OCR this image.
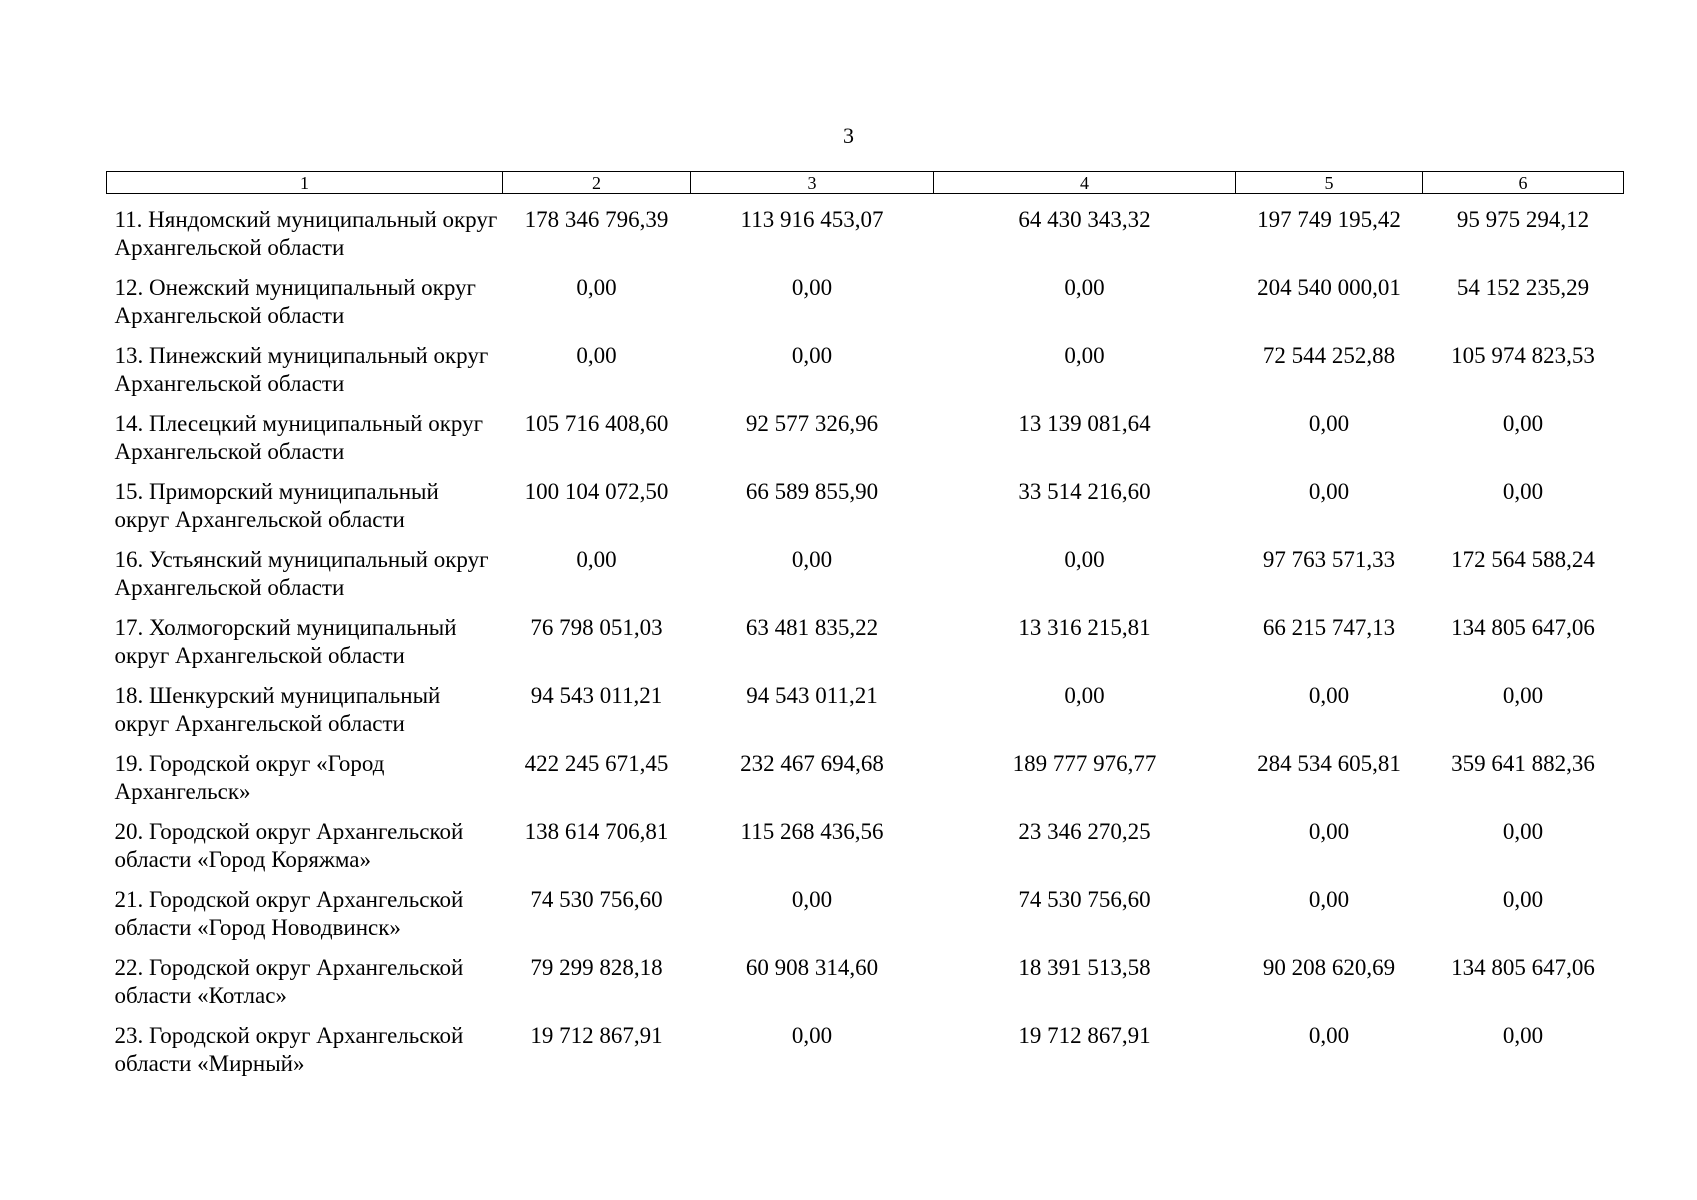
3
1	2	3	4	5	6
11. Няндомский муниципальный округ Архангельской области	178 346 796,39	113 916 453,07	64 430 343,32	197 749 195,42	95 975 294,12
12. Онежский муниципальный округ Архангельской области	0,00	0,00	0,00	204 540 000,01	54 152 235,29
13. Пинежский муниципальный округ Архангельской области	0,00	0,00	0,00	72 544 252,88	105 974 823,53
14. Плесецкий муниципальный округ Архангельской области	105 716 408,60	92 577 326,96	13 139 081,64	0,00	0,00
15. Приморский муниципальный округ Архангельской области	100 104 072,50	66 589 855,90	33 514 216,60	0,00	0,00
16. Устьянский муниципальный округ Архангельской области	0,00	0,00	0,00	97 763 571,33	172 564 588,24
17. Холмогорский муниципальный округ Архангельской области	76 798 051,03	63 481 835,22	13 316 215,81	66 215 747,13	134 805 647,06
18. Шенкурский муниципальный округ Архангельской области	94 543 011,21	94 543 011,21	0,00	0,00	0,00
19. Городской округ «Город Архангельск»	422 245 671,45	232 467 694,68	189 777 976,77	284 534 605,81	359 641 882,36
20. Городской округ Архангельской области «Город Коряжма»	138 614 706,81	115 268 436,56	23 346 270,25	0,00	0,00
21. Городской округ Архангельской области «Город Новодвинск»	74 530 756,60	0,00	74 530 756,60	0,00	0,00
22. Городской округ Архангельской области «Котлас»	79 299 828,18	60 908 314,60	18 391 513,58	90 208 620,69	134 805 647,06
23. Городской округ Архангельской области «Мирный»	19 712 867,91	0,00	19 712 867,91	0,00	0,00
